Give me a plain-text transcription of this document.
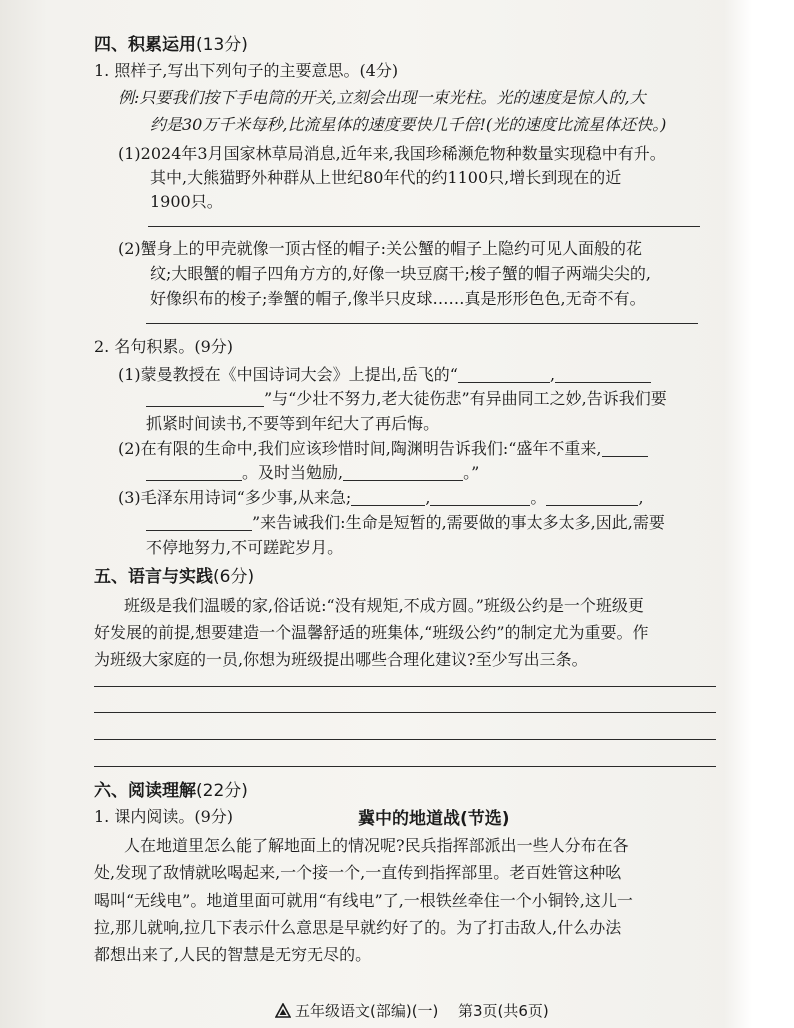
四、积累运用(13分)
1. 照样子,写出下列句子的主要意思。(4分)
例:只要我们按下手电筒的开关,立刻会出现一束光柱。光的速度是惊人的,大
约是30万千米每秒,比流星体的速度要快几千倍!(光的速度比流星体还快。)
(1)2024年3月国家林草局消息,近年来,我国珍稀濒危物种数量实现稳中有升。
其中,大熊猫野外种群从上世纪80年代的约1100只,增长到现在的近
1900只。
(2)蟹身上的甲壳就像一顶古怪的帽子:关公蟹的帽子上隐约可见人面般的花
纹;大眼蟹的帽子四角方方的,好像一块豆腐干;梭子蟹的帽子两端尖尖的,
好像织布的梭子;拳蟹的帽子,像半只皮球……真是形形色色,无奇不有。
2. 名句积累。(9分)
(1)蒙曼教授在《中国诗词大会》上提出,岳飞的“	,
”与“少壮不努力,老大徒伤悲”有异曲同工之妙,告诉我们要
抓紧时间读书,不要等到年纪大了再后悔。
(2)在有限的生命中,我们应该珍惜时间,陶渊明告诉我们:“盛年不重来,
。及时当勉励,	。”
(3)毛泽东用诗词“多少事,从来急;	,	。	,
”来告诫我们:生命是短暂的,需要做的事太多太多,因此,需要
不停地努力,不可蹉跎岁月。
五、语言与实践(6分)
班级是我们温暖的家,俗话说:“没有规矩,不成方圆。”班级公约是一个班级更
好发展的前提,想要建造一个温馨舒适的班集体,“班级公约”的制定尤为重要。作
为班级大家庭的一员,你想为班级提出哪些合理化建议?至少写出三条。
六、阅读理解(22分)
1. 课内阅读。(9分)	冀中的地道战(节选)
人在地道里怎么能了解地面上的情况呢?民兵指挥部派出一些人分布在各
处,发现了敌情就吆喝起来,一个接一个,一直传到指挥部里。老百姓管这种吆
喝叫“无线电”。地道里面可就用“有线电”了,一根铁丝牵住一个小铜铃,这儿一
拉,那儿就响,拉几下表示什么意思是早就约好了的。为了打击敌人,什么办法
都想出来了,人民的智慧是无穷无尽的。
五年级语文(部编)(一) 第3页(共6页)
